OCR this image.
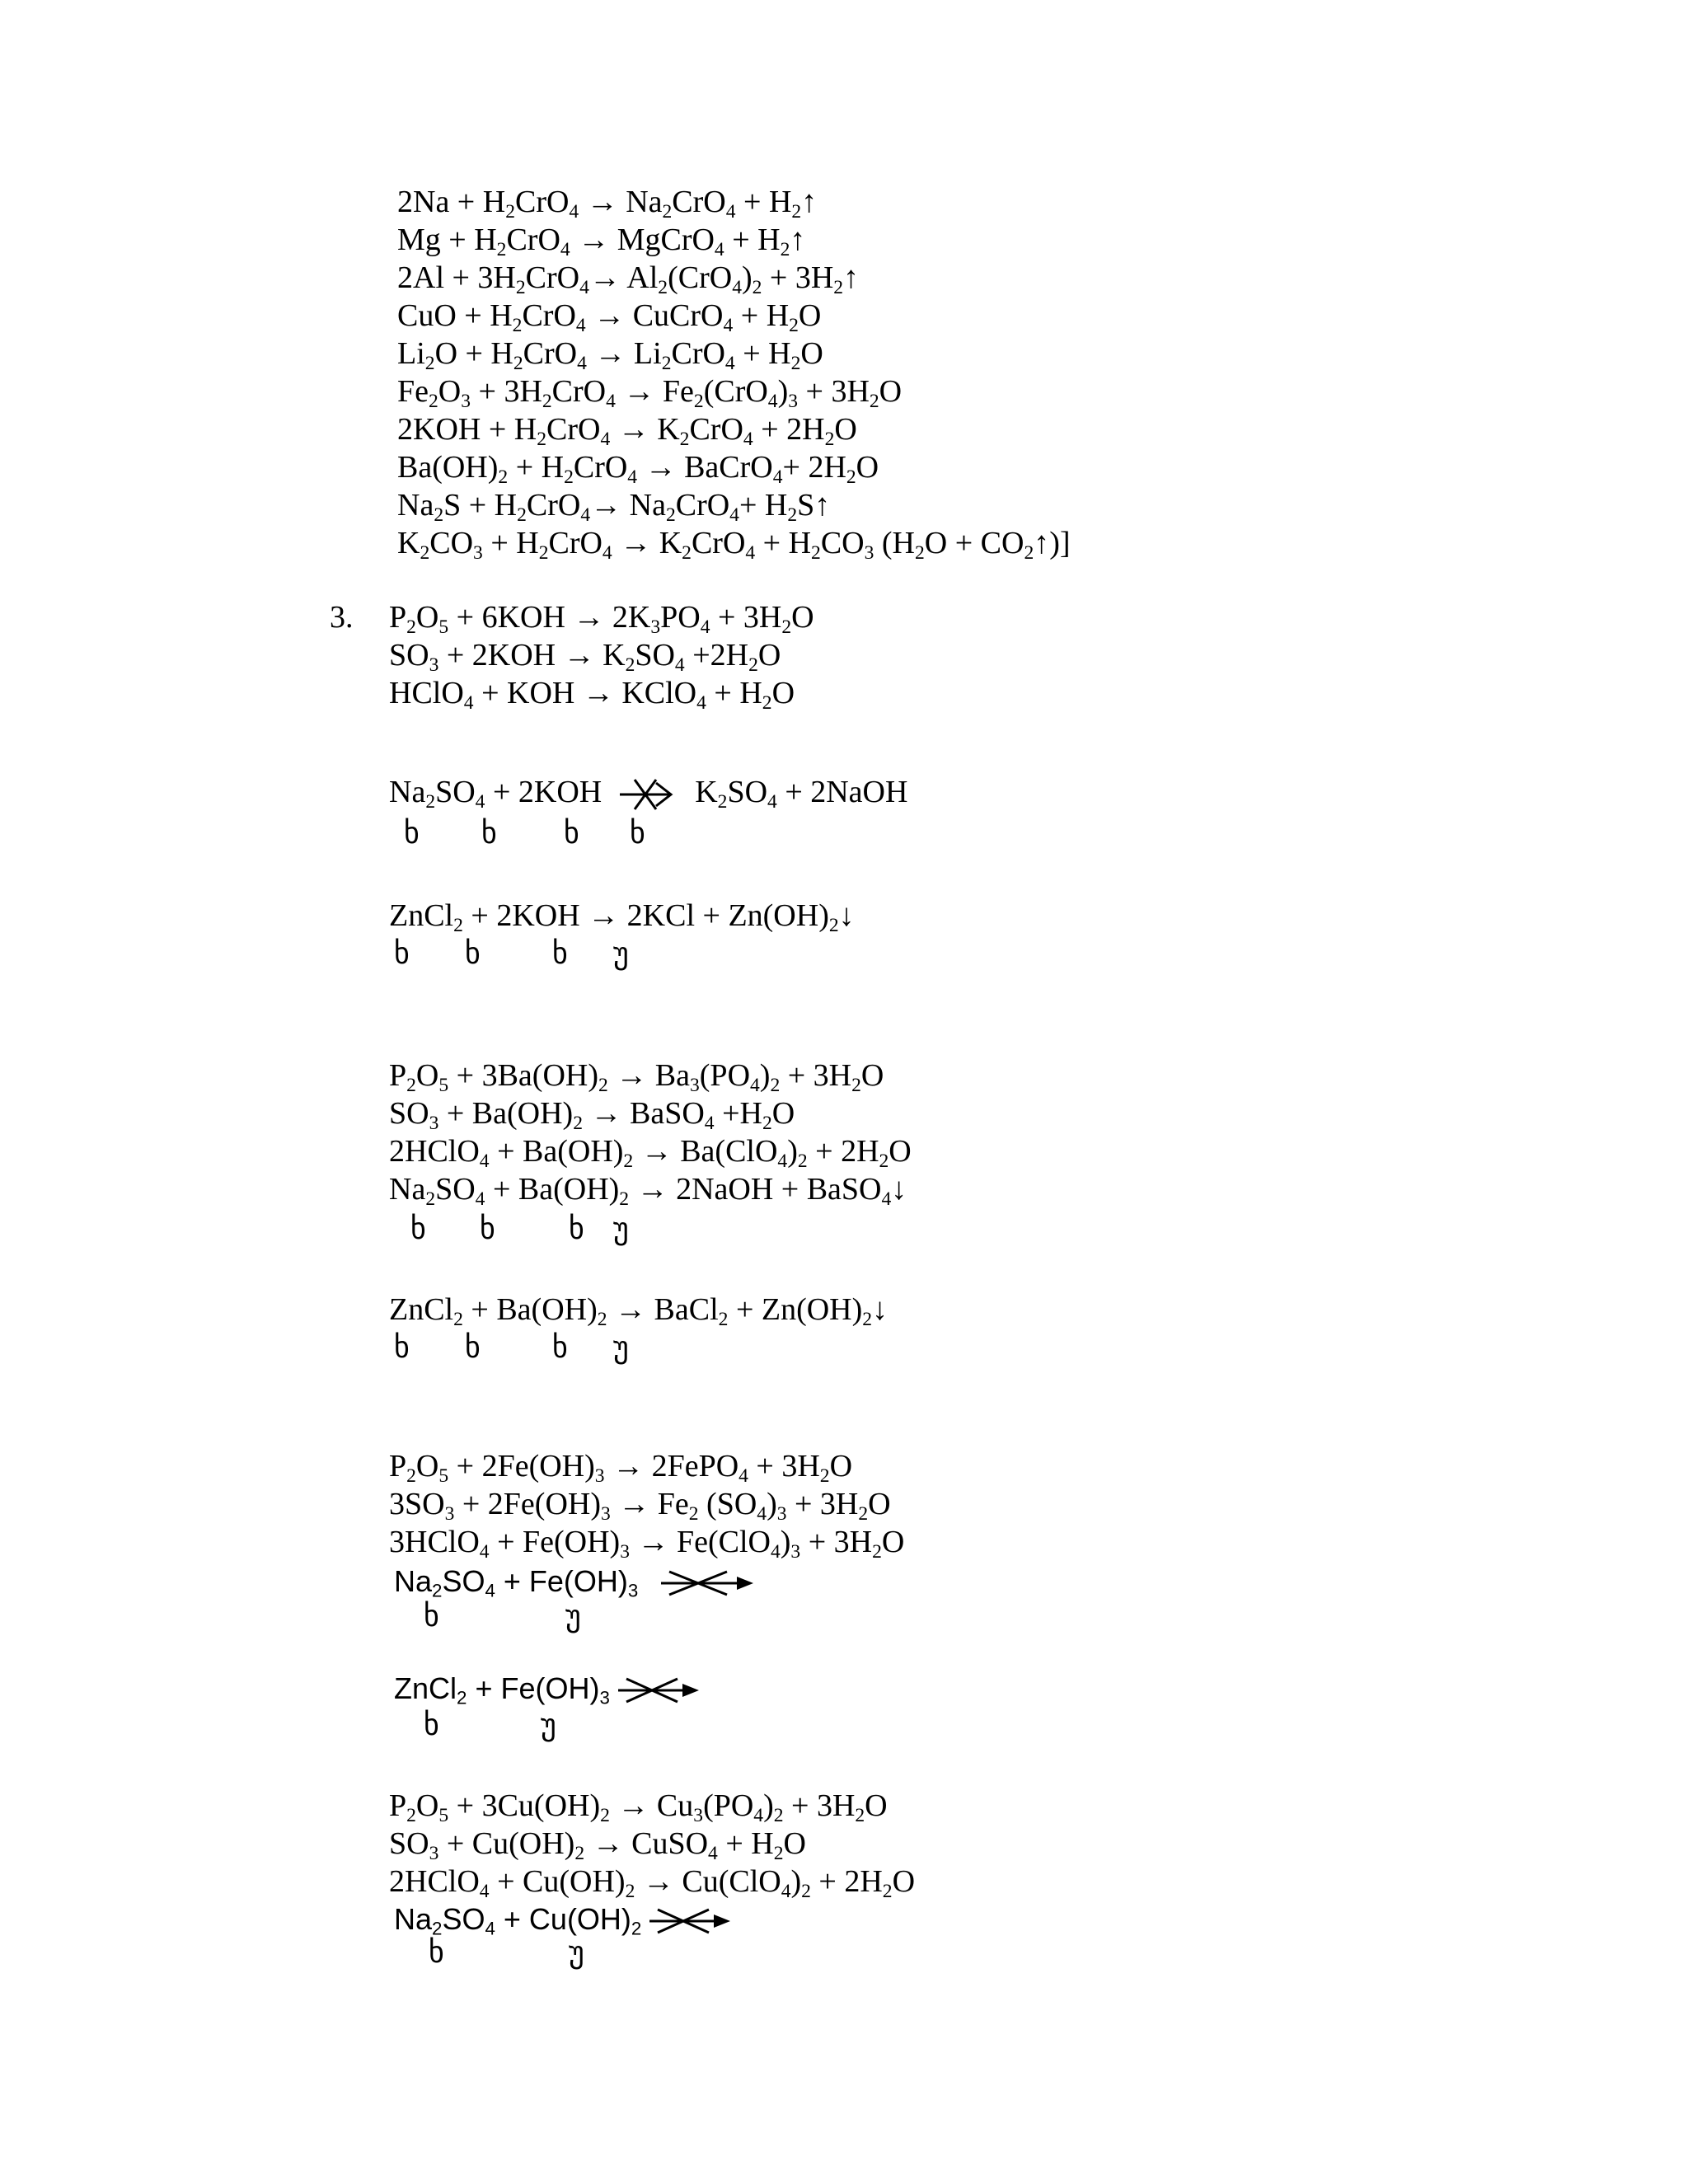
$2Na + H_2CrO_4 \to Na_2CrO_4$ + $H_2↑$
$Mg + H_2CrO_4$ → MgCrO$_4$ + $H_2↑$
$2Al + 3H_2CrO_4\to Al_2(CrO_4)_2$ + $3H_2↑$
CuO + $H_2CrO_4$ → CuCrO$_4$ + $H_2O$
$Li_2O + H_2CrO_4 \to Li_2CrO_4 + H_2O$
$Fe_2O_3 + 3H_2CrO_4 \to Fe_2(CrO_4)_3 + 3H_2O$
$2KOH + H_2CrO_4 \to K_2CrO_4 + 2H_2O$
$Ba(OH)_2 + H_2CrO_4$ → BaCrO$_4$+ $2H_2O$
$Na_2S + H_2CrO_4\to Na_2CrO_4+$ $H_2S↑$
$K_2CO_3 + H_2CrO_4 \to K_2CrO_4 + H_2CO_3$ ($H_2O$ + $CO_2↑$)]
3. $P_2O_5 + 6KOH \to 2K_3PO_4 + 3H_2O$
$SO_3 + 2KOH \to K_2SO_4 +2H_2O$
HClO$_4$ + KOH → KClO$_4$ + $H_2O$
$Na_2SO_4 + 2KOH$	$K_2SO_4$ + 2NaOH
ხ ხ ხ ხ
ZnCl$_2$ + $2KOH \to 2KCl + Zn(OH)_2↓$
ხ ხ ხ უ
$P_2O_5 + 3Ba(OH)_2 \to Ba_3(PO_4)_2 + 3H_2O$
$SO_3 + Ba(OH)_2$ → BaSO$_4$ $+H_2O$
2HClO$_4$ + $Ba(OH)_2 \to Ba(ClO_4)_2 + 2H_2O$
$Na_2SO_4 + Ba(OH)_2$ → 2NaOH + BaSO$_4$↓
ხ ხ ხ უ
ZnCl$_2$ + $Ba(OH)_2$ → BaCl$_2$ + $Zn(OH)_2↓$
ხ ხ ხ უ
$P_2O_5 + 2Fe(OH)_3$ → 2FePO$_4$ + $3H_2O$
$3SO_3 + 2Fe(OH)_3 \to Fe_2$ $(SO_4)_3 + 3H_2O$
3HClO$_4$ + $Fe(OH)_3 \to Fe(ClO_4)_3 + 3H_2O$
$Na_2SO_4 + Fe(OH)_3$
ხ	უ
ZnCl$_2$ + $Fe(OH)_3$
ხ	უ
$P_2O_5 + 3Cu(OH)_2 \to Cu_3(PO_4)_2 + 3H_2O$
$SO_3 + Cu(OH)_2$ → CuSO$_4$ + $H_2O$
2HClO$_4$ + $Cu(OH)_2 \to Cu(ClO_4)_2 + 2H_2O$
$Na_2SO_4 + Cu(OH)_2$
ხ	უ
